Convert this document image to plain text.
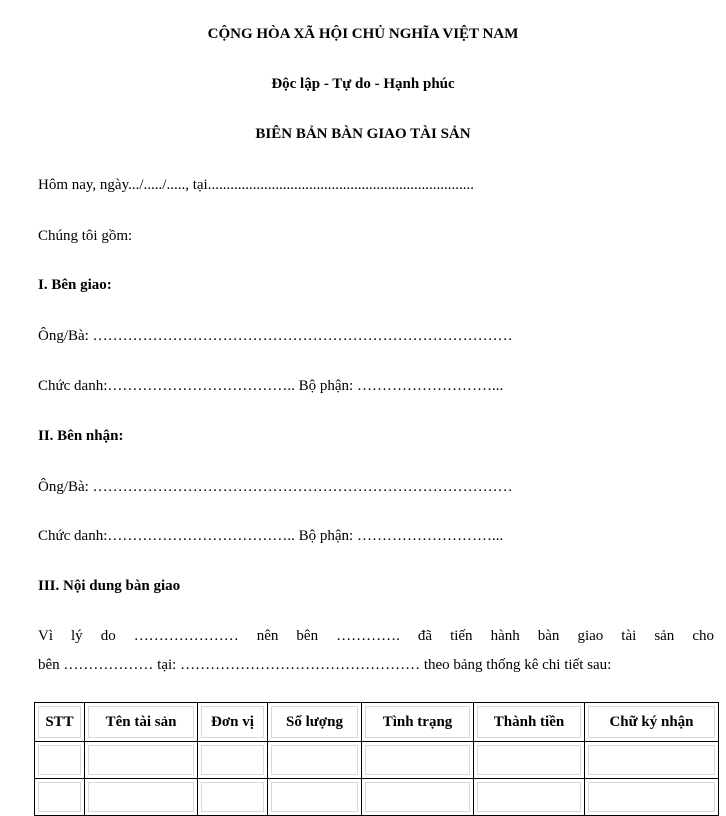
CỘNG HÒA XÃ HỘI CHỦ NGHĨA VIỆT NAM
Độc lập - Tự do - Hạnh phúc
BIÊN BẢN BÀN GIAO TÀI SẢN
Hôm nay, ngày.../...../....., tại.......................................................................
Chúng tôi gồm:
I. Bên giao:
Ông/Bà: …………………………………………………………………………
Chức danh:……………………………….. Bộ phận: ………………………...
II. Bên nhận:
Ông/Bà: …………………………………………………………………………
Chức danh:……………………………….. Bộ phận: ………………………...
III. Nội dung bàn giao
Vì lý do ………………… nên bên …………. đã tiến hành bàn giao tài sản cho
bên ……………… tại: ………………………………………… theo bảng thống kê chi tiết sau:
STT	Tên tài sản	Đơn vị	Số lượng	Tình trạng	Thành tiền	Chữ ký nhận
